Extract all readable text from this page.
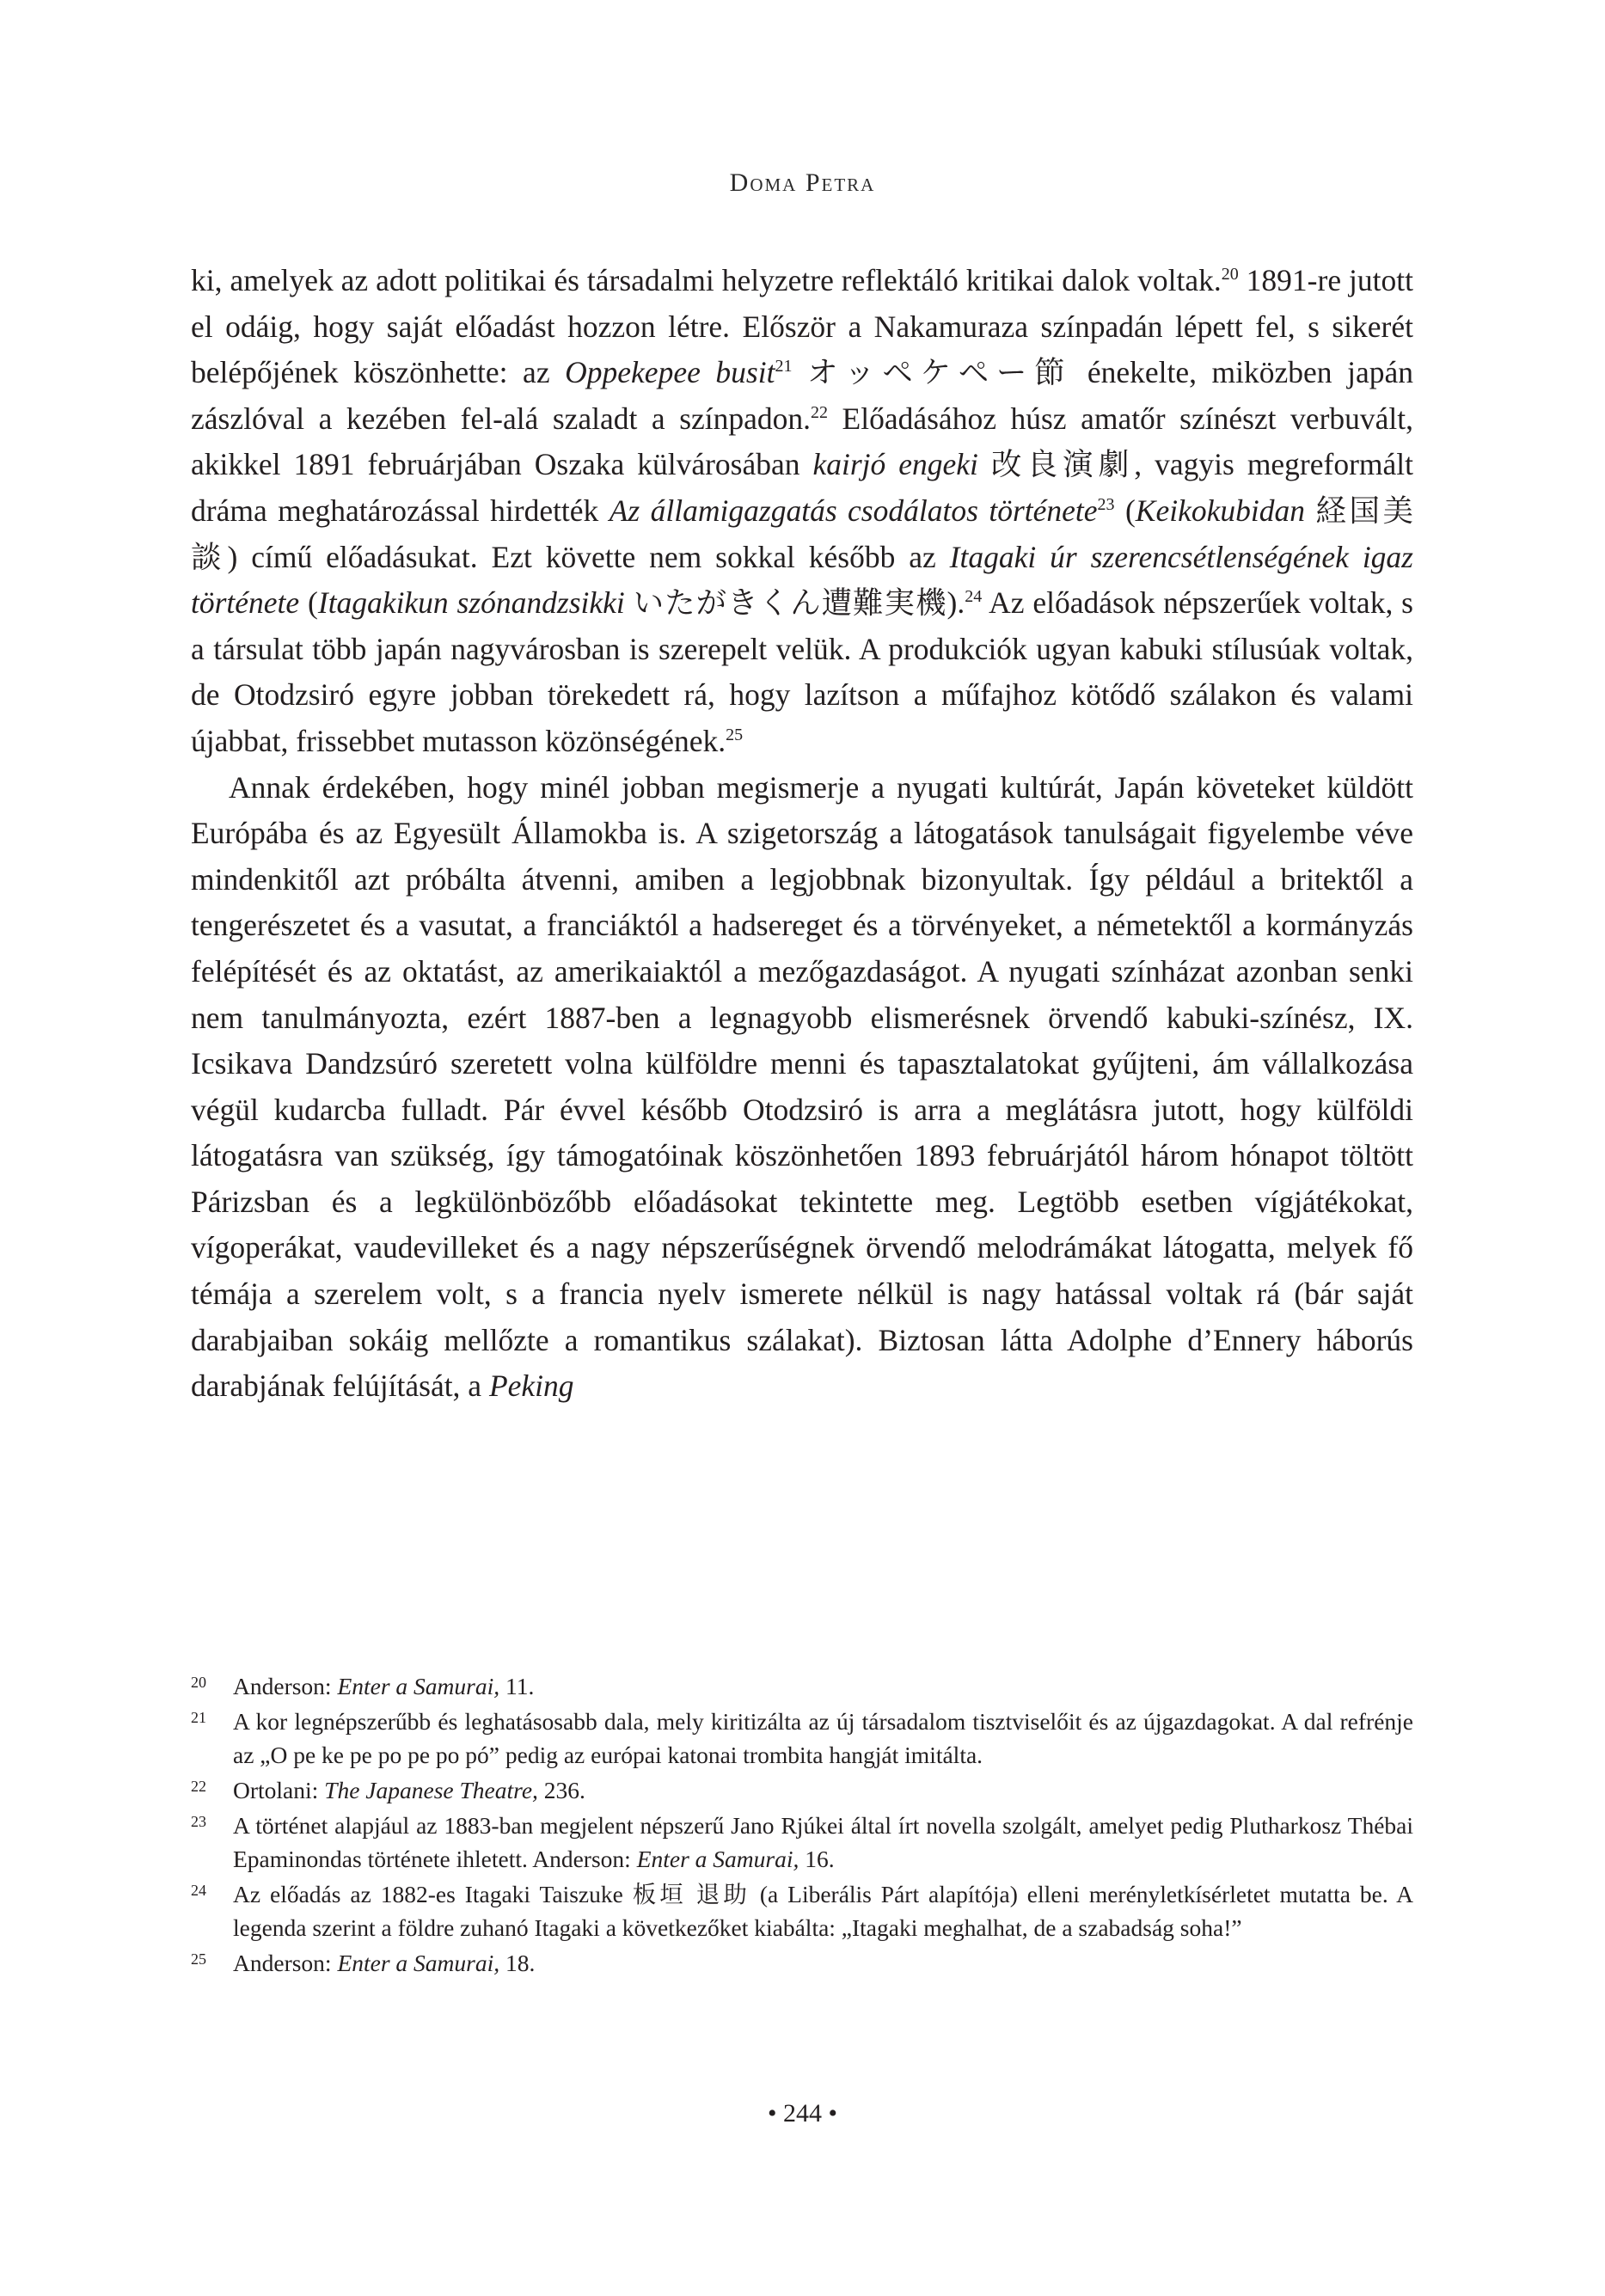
Doma Petra

ki, amelyek az adott politikai és társadalmi helyzetre reflektáló kritikai dalok voltak.$^{20}$ 1891-re jutott el odáig, hogy saját előadást hozzon létre. Először a Nakamuraza színpadán lépett fel, s sikerét belépőjének köszönhette: az Oppekepee busit$^{21}$ オッペケペー節 énekelte, miközben japán zászlóval a kezében fel-alá szaladt a színpadon.$^{22}$ Előadásához húsz amatőr színészt verbuvált, akikkel 1891 februárjában Oszaka külvárosában kairjó engeki 改良演劇, vagyis megreformált dráma meghatározással hirdették Az államigazgatás csodálatos története$^{23}$ (Keikokubidan 経国美談) című előadásukat. Ezt követte nem sokkal később az Itagaki úr szerencsétlenségének igaz története (Itagakikun szónandzsikki いたがきくん遭難実機).$^{24}$ Az előadások népszerűek voltak, s a társulat több japán nagyvárosban is szerepelt velük. A produkciók ugyan kabuki stílusúak voltak, de Otodzsiró egyre jobban törekedett rá, hogy lazítson a műfajhoz kötődő szálakon és valami újabbat, frissebbet mutasson közönségének.$^{25}$

Annak érdekében, hogy minél jobban megismerje a nyugati kultúrát, Japán követeket küldött Európába és az Egyesült Államokba is. A szigetország a látogatások tanulságait figyelembe véve mindenkitől azt próbálta átvenni, amiben a legjobbnak bizonyultak. Így például a britektől a tengerészetet és a vasutat, a franciáktól a hadsereget és a törvényeket, a németektől a kormányzás felépítését és az oktatást, az amerikaiaktól a mezőgazdaságot. A nyugati színházat azonban senki nem tanulmányozta, ezért 1887-ben a legnagyobb elismerésnek örvendő kabuki-színész, IX. Icsikava Dandzsúró szeretett volna külföldre menni és tapasztalatokat gyűjteni, ám vállalkozása végül kudarcba fulladt. Pár évvel később Otodzsiró is arra a meglátásra jutott, hogy külföldi látogatásra van szükség, így támogatóinak köszönhetően 1893 februárjától három hónapot töltött Párizsban és a legkülönbözőbb előadásokat tekintette meg. Legtöbb esetben vígjátékokat, vígoperákat, vaudevilleket és a nagy népszerűségnek örvendő melodrámákat látogatta, melyek fő témája a szerelem volt, s a francia nyelv ismerete nélkül is nagy hatással voltak rá (bár saját darabjaiban sokáig mellőzte a romantikus szálakat). Biztosan látta Adolphe d’Ennery háborús darabjának felújítását, a Peking

20 Anderson: Enter a Samurai, 11.
21 A kor legnépszerűbb és leghatásosabb dala, mely kiritizálta az új társadalom tisztviselőit és az újgazdagokat. A dal refrénje az „O pe ke pe po pe po pó” pedig az európai katonai trombita hangját imitálta.
22 Ortolani: The Japanese Theatre, 236.
23 A történet alapjául az 1883-ban megjelent népszerű Jano Rjúkei által írt novella szolgált, amelyet pedig Plutharkosz Thébai Epaminondas története ihletett. Anderson: Enter a Samurai, 16.
24 Az előadás az 1882-es Itagaki Taiszuke 板垣 退助 (a Liberális Párt alapítója) elleni merényletkísérletet mutatta be. A legenda szerint a földre zuhanó Itagaki a következőket kiabálta: „Itagaki meghalhat, de a szabadság soha!”
25 Anderson: Enter a Samurai, 18.
• 244 •
